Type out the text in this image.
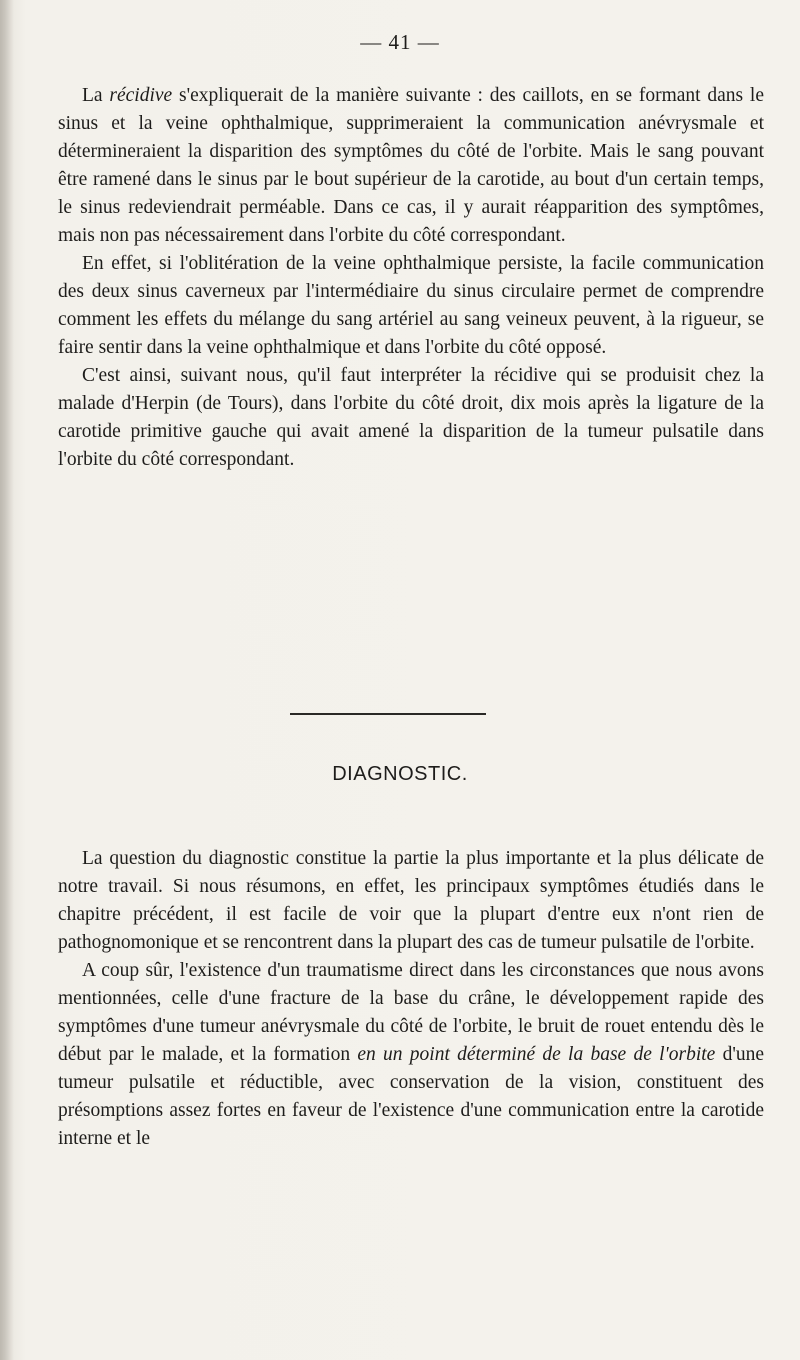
— 41 —

La récidive s'expliquerait de la manière suivante : des caillots, en se formant dans le sinus et la veine ophthalmique, supprimeraient la communication anévrysmale et détermineraient la disparition des symptômes du côté de l'orbite. Mais le sang pouvant être ramené dans le sinus par le bout supérieur de la carotide, au bout d'un certain temps, le sinus redeviendrait perméable. Dans ce cas, il y aurait réapparition des symptômes, mais non pas nécessairement dans l'orbite du côté correspondant.

En effet, si l'oblitération de la veine ophthalmique persiste, la facile communication des deux sinus caverneux par l'intermédiaire du sinus circulaire permet de comprendre comment les effets du mélange du sang artériel au sang veineux peuvent, à la rigueur, se faire sentir dans la veine ophthalmique et dans l'orbite du côté opposé.

C'est ainsi, suivant nous, qu'il faut interpréter la récidive qui se produisit chez la malade d'Herpin (de Tours), dans l'orbite du côté droit, dix mois après la ligature de la carotide primitive gauche qui avait amené la disparition de la tumeur pulsatile dans l'orbite du côté correspondant.

DIAGNOSTIC.

La question du diagnostic constitue la partie la plus importante et la plus délicate de notre travail. Si nous résumons, en effet, les principaux symptômes étudiés dans le chapitre précédent, il est facile de voir que la plupart d'entre eux n'ont rien de pathognomonique et se rencontrent dans la plupart des cas de tumeur pulsatile de l'orbite.

A coup sûr, l'existence d'un traumatisme direct dans les circonstances que nous avons mentionnées, celle d'une fracture de la base du crâne, le développement rapide des symptômes d'une tumeur anévrysmale du côté de l'orbite, le bruit de rouet entendu dès le début par le malade, et la formation en un point déterminé de la base de l'orbite d'une tumeur pulsatile et réductible, avec conservation de la vision, constituent des présomptions assez fortes en faveur de l'existence d'une communication entre la carotide interne et le
